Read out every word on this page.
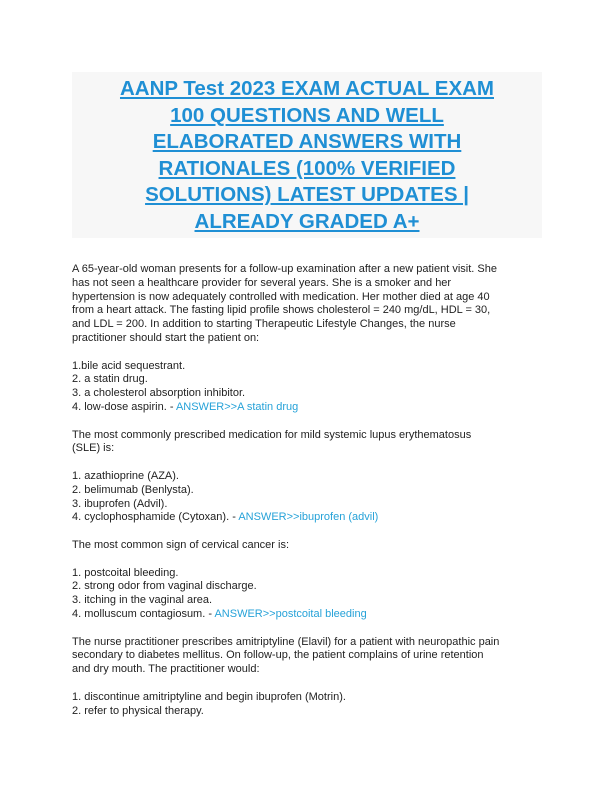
AANP Test 2023 EXAM ACTUAL EXAM
100 QUESTIONS AND WELL
ELABORATED ANSWERS WITH
RATIONALES (100% VERIFIED
SOLUTIONS) LATEST UPDATES |
ALREADY GRADED A+
A 65-year-old woman presents for a follow-up examination after a new patient visit. She
has not seen a healthcare provider for several years. She is a smoker and her
hypertension is now adequately controlled with medication. Her mother died at age 40
from a heart attack. The fasting lipid profile shows cholesterol = 240 mg/dL, HDL = 30,
and LDL = 200. In addition to starting Therapeutic Lifestyle Changes, the nurse
practitioner should start the patient on:
1.bile acid sequestrant.
2. a statin drug.
3. a cholesterol absorption inhibitor.
4. low-dose aspirin. - ANSWER>>A statin drug
The most commonly prescribed medication for mild systemic lupus erythematosus
(SLE) is:
1. azathioprine (AZA).
2. belimumab (Benlysta).
3. ibuprofen (Advil).
4. cyclophosphamide (Cytoxan). - ANSWER>>ibuprofen (advil)
The most common sign of cervical cancer is:
1. postcoital bleeding.
2. strong odor from vaginal discharge.
3. itching in the vaginal area.
4. molluscum contagiosum. - ANSWER>>postcoital bleeding
The nurse practitioner prescribes amitriptyline (Elavil) for a patient with neuropathic pain
secondary to diabetes mellitus. On follow-up, the patient complains of urine retention
and dry mouth. The practitioner would:
1. discontinue amitriptyline and begin ibuprofen (Motrin).
2. refer to physical therapy.
